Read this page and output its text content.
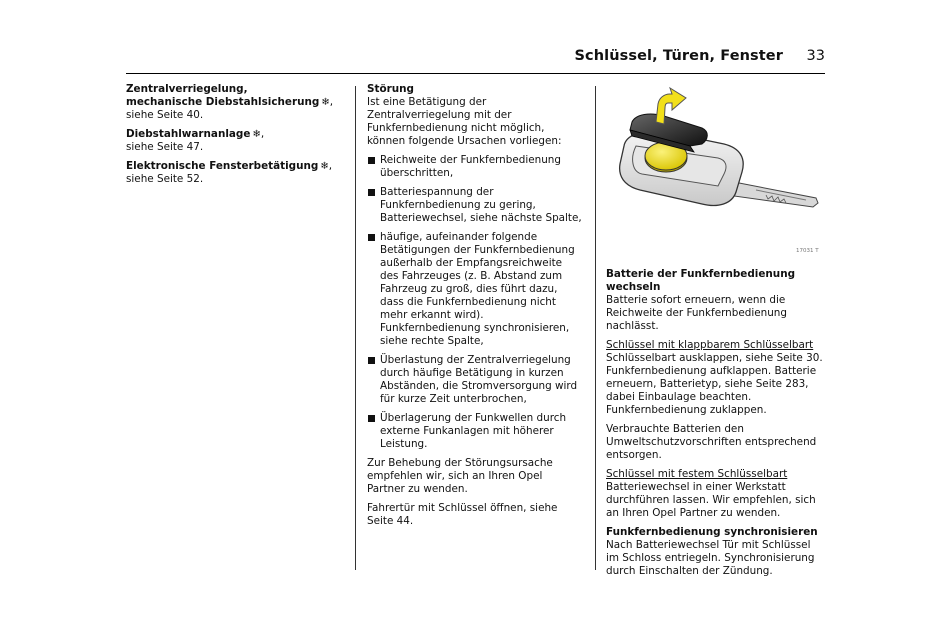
Schlüssel, Türen, Fenster 33

Zentralverriegelung,
mechanische Diebstahlsicherung  ❄,
siehe Seite 40.

Diebstahlwarnanlage  ❄,
siehe Seite 47.

Elektronische Fensterbetätigung  ❄,
siehe Seite 52.

Störung

Ist eine Betätigung der Zentralverriegelung mit der Funkfernbedienung nicht möglich, können folgende Ursachen vorliegen:

Reichweite der Funkfernbedienung überschritten,
Batteriespannung der Funkfernbedienung zu gering, Batteriewechsel, siehe nächste Spalte,
häufige, aufeinander folgende Betätigungen der Funkfernbedienung außerhalb der Empfangsreichweite des Fahrzeuges (z. B. Abstand zum Fahrzeug zu groß, dies führt dazu, dass die Funkfernbedienung nicht mehr erkannt wird). Funkfernbedienung synchronisieren, siehe rechte Spalte,
Überlastung der Zentralverriegelung durch häufige Betätigung in kurzen Abständen, die Stromversorgung wird für kurze Zeit unterbrochen,
Überlagerung der Funkwellen durch externe Funkanlagen mit höherer Leistung.

Zur Behebung der Störungsursache empfehlen wir, sich an Ihren Opel Partner zu wenden.

Fahrertür mit Schlüssel öffnen, siehe Seite 44.

17031 T
Batterie der Funkfernbedienung wechseln

Batterie sofort erneuern, wenn die Reichweite der Funkfernbedienung nachlässt.

Schlüssel mit klappbarem Schlüsselbart

Schlüsselbart ausklappen, siehe Seite 30. Funkfernbedienung aufklappen. Batterie erneuern, Batterietyp, siehe Seite 283, dabei Einbaulage beachten. Funkfernbedienung zuklappen.

Verbrauchte Batterien den Umweltschutzvorschriften entsprechend entsorgen.

Schlüssel mit festem Schlüsselbart

Batteriewechsel in einer Werkstatt durchführen lassen. Wir empfehlen, sich an Ihren Opel Partner zu wenden.

Funkfernbedienung synchronisieren

Nach Batteriewechsel Tür mit Schlüssel im Schloss entriegeln. Synchronisierung durch Einschalten der Zündung.
